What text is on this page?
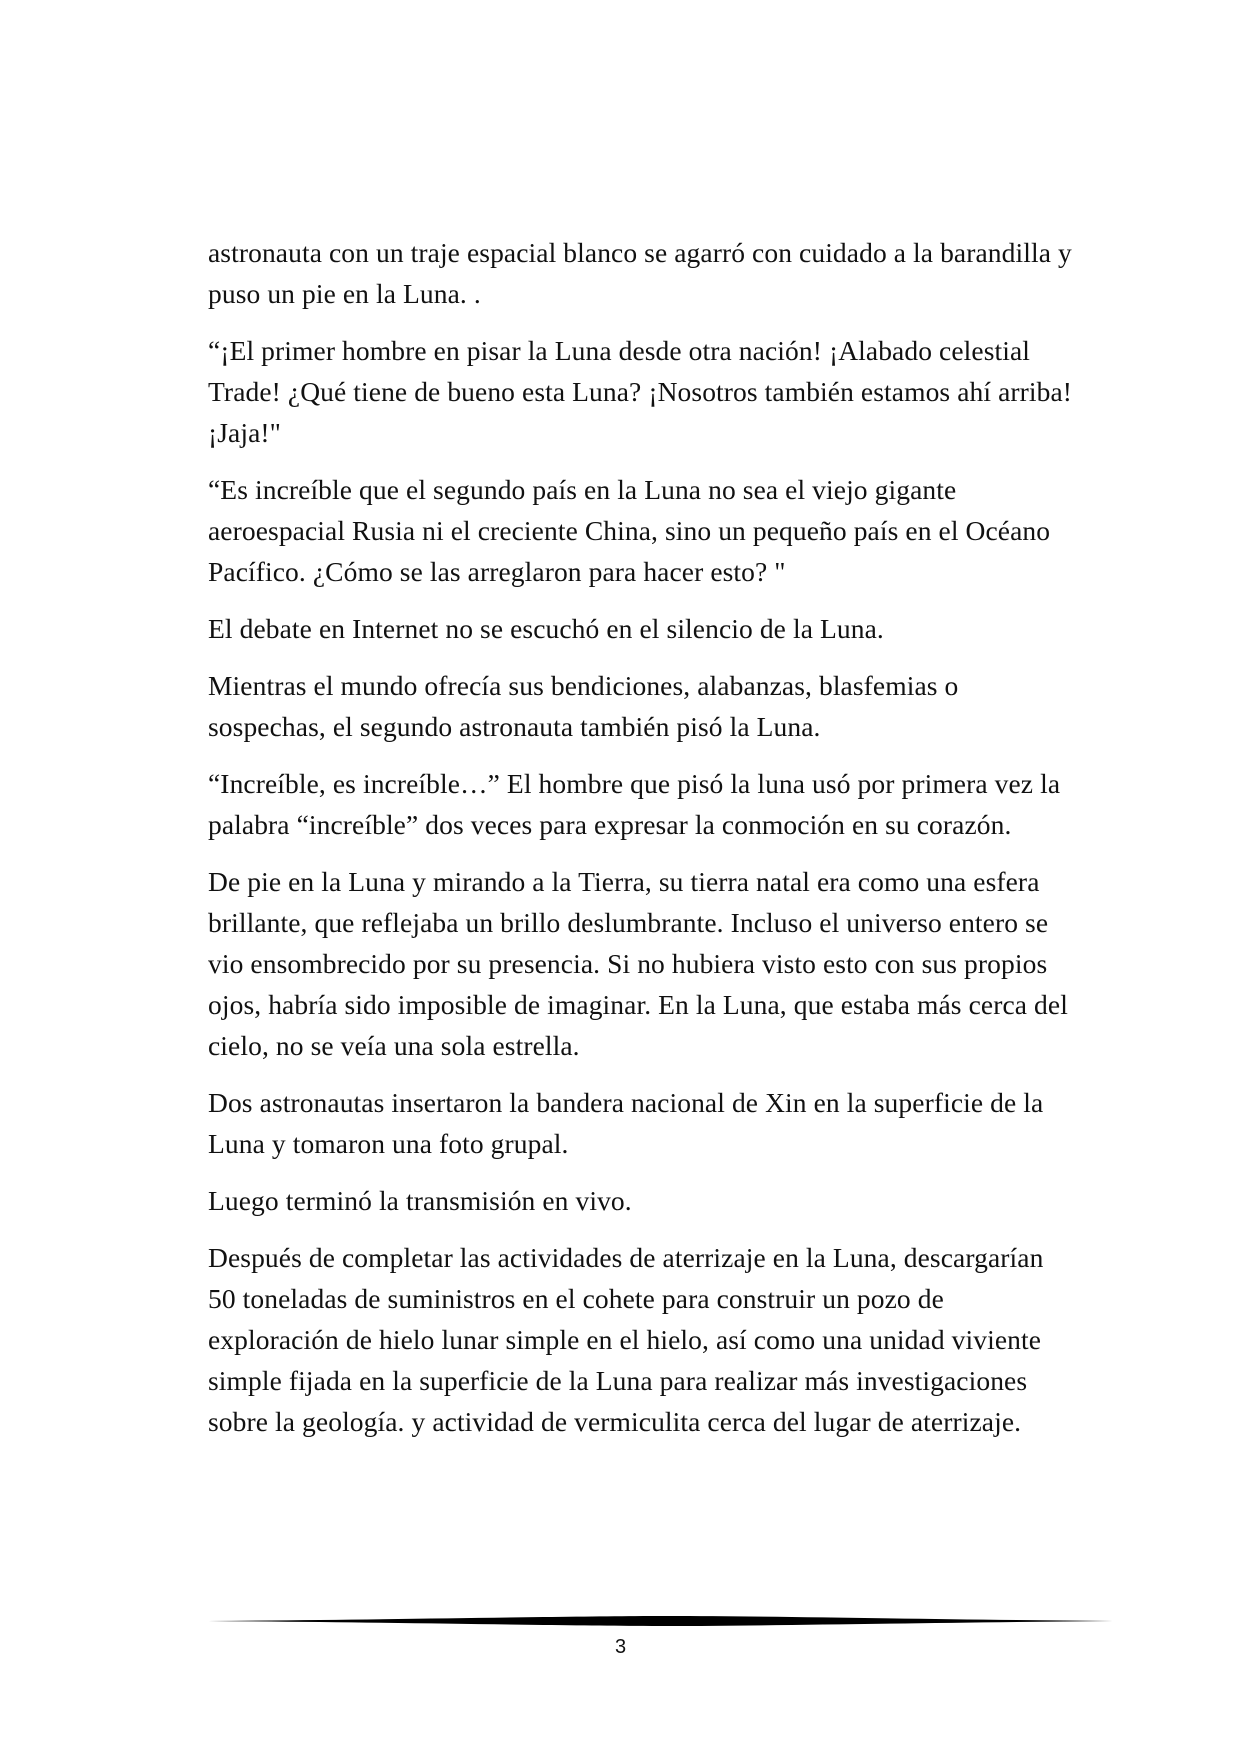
astronauta con un traje espacial blanco se agarró con cuidado a la barandilla y puso un pie en la Luna. .

“¡El primer hombre en pisar la Luna desde otra nación! ¡Alabado celestial Trade! ¿Qué tiene de bueno esta Luna? ¡Nosotros también estamos ahí arriba! ¡Jaja!"

“Es increíble que el segundo país en la Luna no sea el viejo gigante aeroespacial Rusia ni el creciente China, sino un pequeño país en el Océano Pacífico. ¿Cómo se las arreglaron para hacer esto? "

El debate en Internet no se escuchó en el silencio de la Luna.

Mientras el mundo ofrecía sus bendiciones, alabanzas, blasfemias o sospechas, el segundo astronauta también pisó la Luna.

“Increíble, es increíble…” El hombre que pisó la luna usó por primera vez la palabra “increíble” dos veces para expresar la conmoción en su corazón.

De pie en la Luna y mirando a la Tierra, su tierra natal era como una esfera brillante, que reflejaba un brillo deslumbrante. Incluso el universo entero se vio ensombrecido por su presencia. Si no hubiera visto esto con sus propios ojos, habría sido imposible de imaginar. En la Luna, que estaba más cerca del cielo, no se veía una sola estrella.

Dos astronautas insertaron la bandera nacional de Xin en la superficie de la Luna y tomaron una foto grupal.

Luego terminó la transmisión en vivo.

Después de completar las actividades de aterrizaje en la Luna, descargarían 50 toneladas de suministros en el cohete para construir un pozo de exploración de hielo lunar simple en el hielo, así como una unidad viviente simple fijada en la superficie de la Luna para realizar más investigaciones sobre la geología. y actividad de vermiculita cerca del lugar de aterrizaje.

3
